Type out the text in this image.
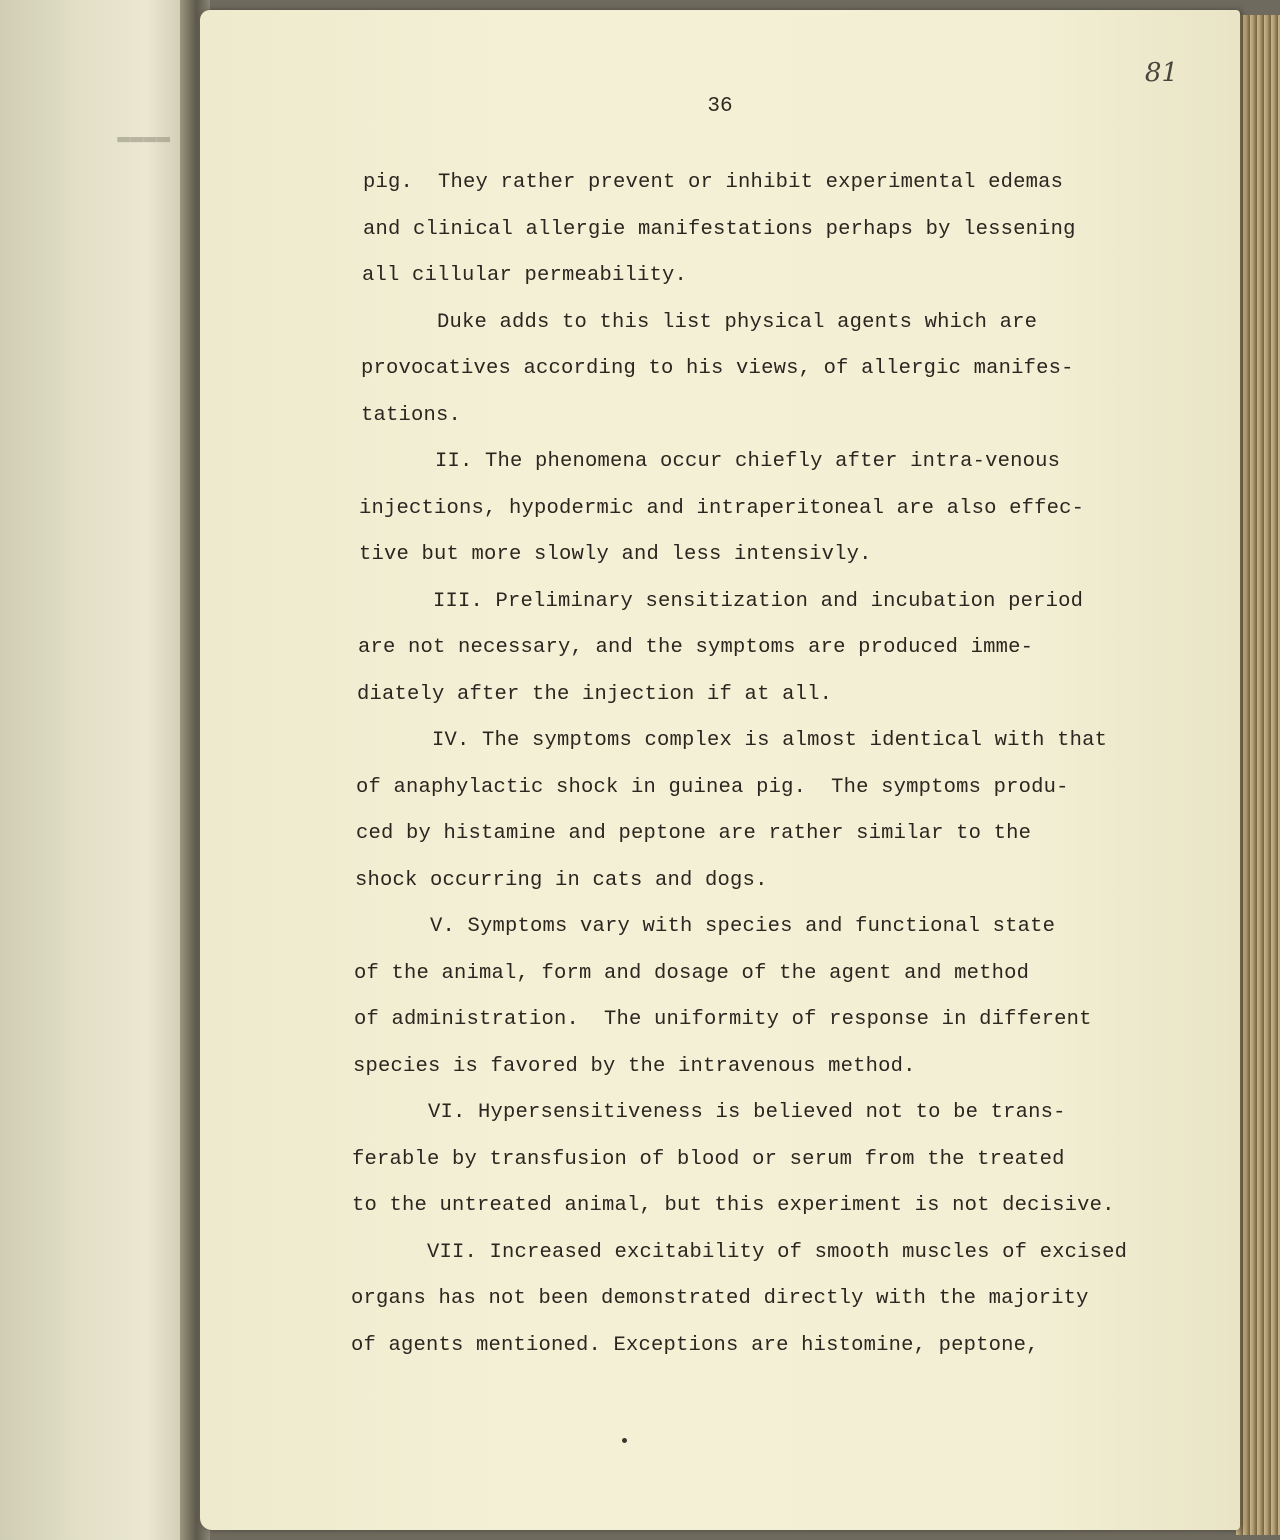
▬▬▬▬
81
36
pig.  They rather prevent or inhibit experimental edemas
and clinical allergie manifestations perhaps by lessening
all cillular permeability.
Duke adds to this list physical agents which are
provocatives according to his views, of allergic manifes-
tations.
II. The phenomena occur chiefly after intra-venous
injections, hypodermic and intraperitoneal are also effec-
tive but more slowly and less intensivly.
III. Preliminary sensitization and incubation period
are not necessary, and the symptoms are produced imme-
diately after the injection if at all.
IV. The symptoms complex is almost identical with that
of anaphylactic shock in guinea pig.  The symptoms produ-
ced by histamine and peptone are rather similar to the
shock occurring in cats and dogs.
V. Symptoms vary with species and functional state
of the animal, form and dosage of the agent and method
of administration.  The uniformity of response in different
species is favored by the intravenous method.
VI. Hypersensitiveness is believed not to be trans-
ferable by transfusion of blood or serum from the treated
to the untreated animal, but this experiment is not decisive.
VII. Increased excitability of smooth muscles of excised
organs has not been demonstrated directly with the majority
of agents mentioned. Exceptions are histomine, peptone,
